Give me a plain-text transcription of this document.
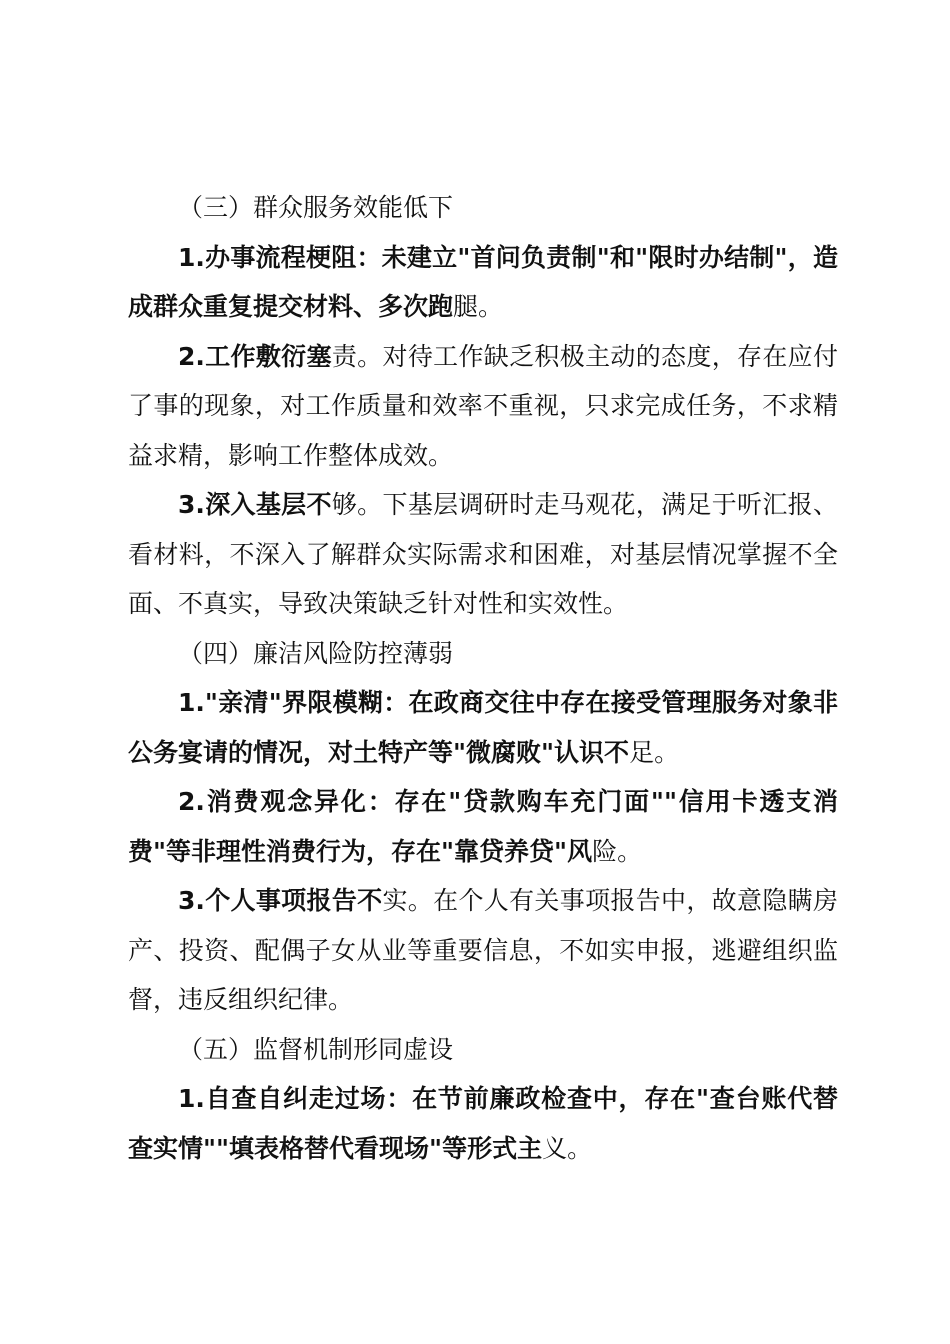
（三）群众服务效能低下

1.办事流程梗阻：未建立"首问负责制"和"限时办结制"，造成群众重复提交材料、多次跑腿。

2.工作敷衍塞责。对待工作缺乏积极主动的态度，存在应付了事的现象，对工作质量和效率不重视，只求完成任务，不求精益求精，影响工作整体成效。

3.深入基层不够。下基层调研时走马观花，满足于听汇报、看材料，不深入了解群众实际需求和困难，对基层情况掌握不全面、不真实，导致决策缺乏针对性和实效性。

（四）廉洁风险防控薄弱

1."亲清"界限模糊：在政商交往中存在接受管理服务对象非公务宴请的情况，对土特产等"微腐败"认识不足。

2.消费观念异化：存在"贷款购车充门面""信用卡透支消费"等非理性消费行为，存在"靠贷养贷"风险。

3.个人事项报告不实。在个人有关事项报告中，故意隐瞒房产、投资、配偶子女从业等重要信息，不如实申报，逃避组织监督，违反组织纪律。

（五）监督机制形同虚设

1.自查自纠走过场：在节前廉政检查中，存在"查台账代替查实情""填表格替代看现场"等形式主义。
